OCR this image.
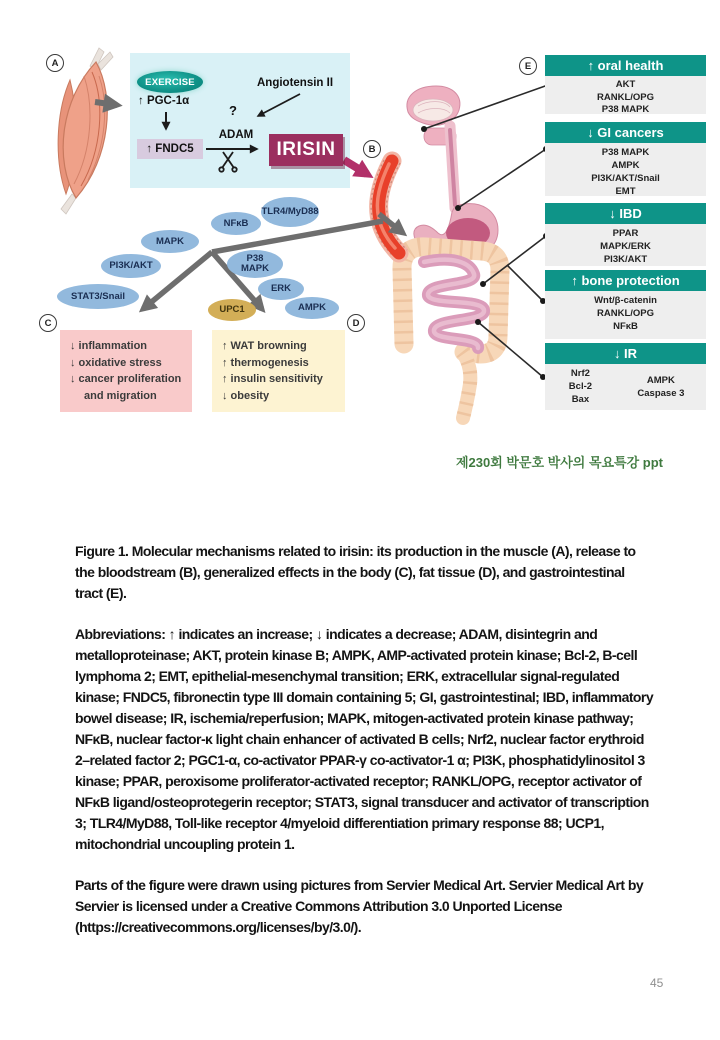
A
B
C	D
E
EXERCISE
↑ PGC-1α
↑ FNDC5
Angiotensin II
?
ADAM
IRISIN
MAPK
NFκB
TLR4/MyD88
PI3K/AKT
STAT3/Snail
P38 MAPK
ERK
AMPK
UPC1
↓ inflammation
↓ oxidative stress
↓ cancer proliferation and migration
↑ WAT browning
↑ thermogenesis
↑ insulin sensitivity
↓ obesity
↑ oral health
AKT
RANKL/OPG
P38 MAPK
↓ GI cancers
P38 MAPK
AMPK
PI3K/AKT/Snail
EMT
↓ IBD
PPAR
MAPK/ERK
PI3K/AKT
↑ bone protection
Wnt/β-catenin
RANKL/OPG
NFκB
↓ IR
Nrf2
Bcl-2
Bax
AMPK
Caspase 3
제230회 박문호 박사의 목요특강 ppt

Figure 1. Molecular mechanisms related to irisin: its production in the muscle (A), release to the bloodstream (B), generalized effects in the body (C), fat tissue (D), and gastrointestinal tract (E).

Abbreviations: ↑ indicates an increase; ↓ indicates a decrease; ADAM, disintegrin and metalloproteinase; AKT, protein kinase B; AMPK, AMP-activated protein kinase; Bcl-2, B-cell lymphoma 2; EMT, epithelial-mesenchymal transition; ERK, extracellular signal-regulated kinase; FNDC5, fibronectin type III domain containing 5; GI, gastrointestinal; IBD, inflammatory bowel disease; IR, ischemia/reperfusion; MAPK, mitogen-activated protein kinase pathway; NFκB, nuclear factor-κ light chain enhancer of activated B cells; Nrf2, nuclear factor erythroid 2–related factor 2; PGC1-α, co-activator PPAR-γ co-activator-1 α; PI3K, phosphatidylinositol 3 kinase; PPAR, peroxisome proliferator-activated receptor; RANKL/OPG, receptor activator of NFκB ligand/osteoprotegerin receptor; STAT3, signal transducer and activator of transcription 3; TLR4/MyD88, Toll-like receptor 4/myeloid differentiation primary response 88; UCP1, mitochondrial uncoupling protein 1.

Parts of the figure were drawn using pictures from Servier Medical Art. Servier Medical Art by Servier is licensed under a Creative Commons Attribution 3.0 Unported License (https://creativecommons.org/licenses/by/3.0/).

45
